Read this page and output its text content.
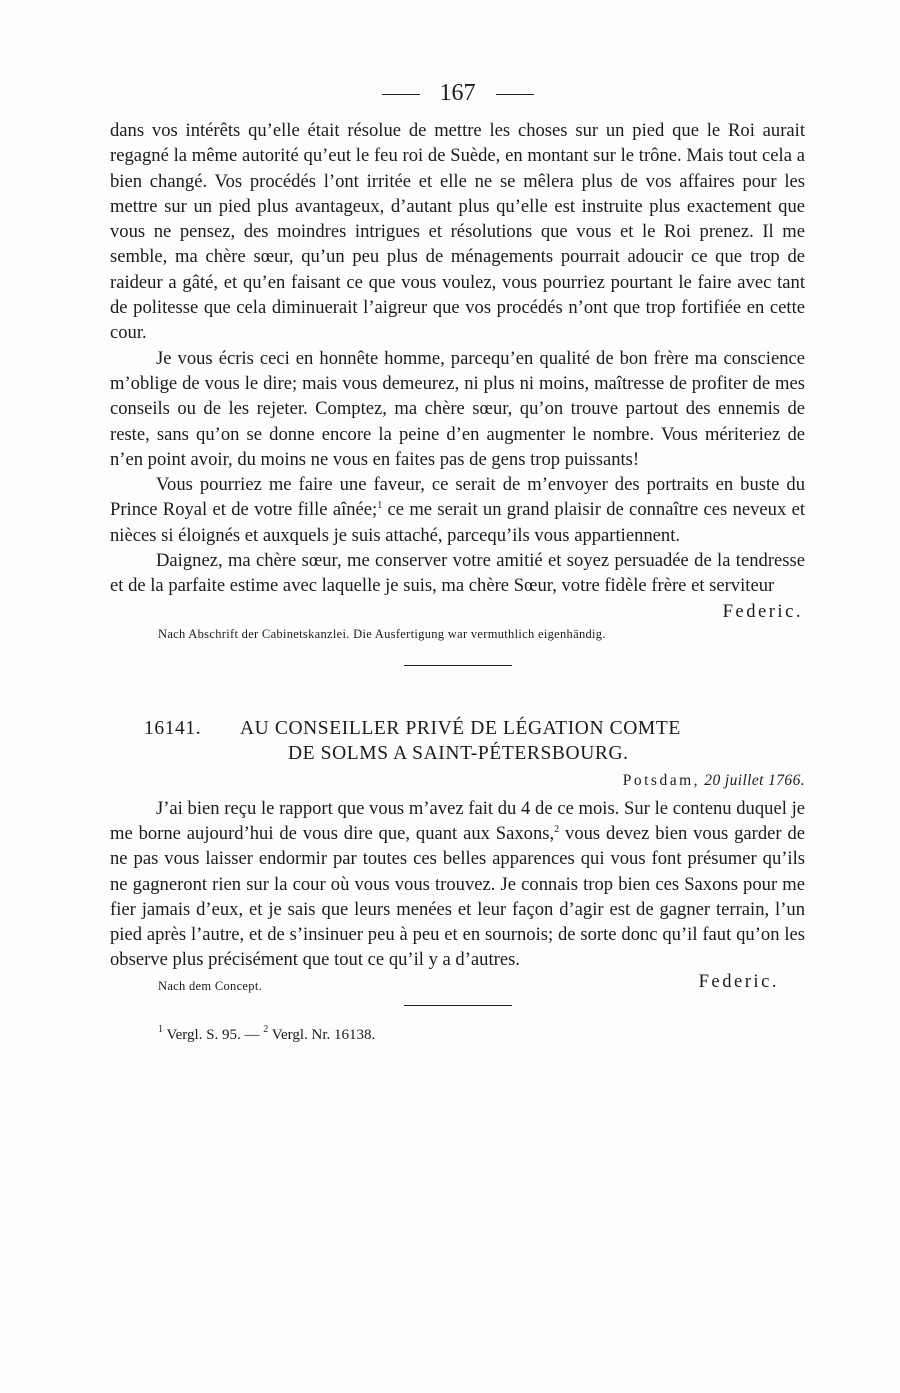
167

dans vos intérêts qu’elle était résolue de mettre les choses sur un pied que le Roi aurait regagné la même autorité qu’eut le feu roi de Suède, en montant sur le trône. Mais tout cela a bien changé. Vos procédés l’ont irritée et elle ne se mêlera plus de vos affaires pour les mettre sur un pied plus avantageux, d’autant plus qu’elle est instruite plus exactement que vous ne pensez, des moindres intrigues et résolutions que vous et le Roi prenez. Il me semble, ma chère sœur, qu’un peu plus de ménagements pourrait adoucir ce que trop de raideur a gâté, et qu’en faisant ce que vous voulez, vous pourriez pourtant le faire avec tant de politesse que cela diminuerait l’aigreur que vos procédés n’ont que trop fortifiée en cette cour.

Je vous écris ceci en honnête homme, parcequ’en qualité de bon frère ma conscience m’oblige de vous le dire; mais vous demeurez, ni plus ni moins, maîtresse de profiter de mes conseils ou de les rejeter. Comptez, ma chère sœur, qu’on trouve partout des ennemis de reste, sans qu’on se donne encore la peine d’en augmenter le nombre. Vous mériteriez de n’en point avoir, du moins ne vous en faites pas de gens trop puissants!

Vous pourriez me faire une faveur, ce serait de m’envoyer des portraits en buste du Prince Royal et de votre fille aînée;$^1$ ce me serait un grand plaisir de connaître ces neveux et nièces si éloignés et auxquels je suis attaché, parcequ’ils vous appartiennent.

Daignez, ma chère sœur, me conserver votre amitié et soyez persuadée de la tendresse et de la parfaite estime avec laquelle je suis, ma chère Sœur, votre fidèle frère et serviteur

Federic.
Nach Abschrift der Cabinetskanzlei. Die Ausfertigung war vermuthlich eigenhändig.
16141. AU CONSEILLER PRIVÉ DE LÉGATION COMTE
DE SOLMS A SAINT-PÉTERSBOURG.
Potsdam, 20 juillet 1766.

J’ai bien reçu le rapport que vous m’avez fait du 4 de ce mois. Sur le contenu duquel je me borne aujourd’hui de vous dire que, quant aux Saxons,$^2$ vous devez bien vous garder de ne pas vous laisser endormir par toutes ces belles apparences qui vous font présumer qu’ils ne gagneront rien sur la cour où vous vous trouvez. Je connais trop bien ces Saxons pour me fier jamais d’eux, et je sais que leurs menées et leur façon d’agir est de gagner terrain, l’un pied après l’autre, et de s’insinuer peu à peu et en sournois; de sorte donc qu’il faut qu’on les observe plus précisément que tout ce qu’il y a d’autres.

Nach dem Concept.	Federic.
$^1$ Vergl. S. 95. — $^2$ Vergl. Nr. 16138.
